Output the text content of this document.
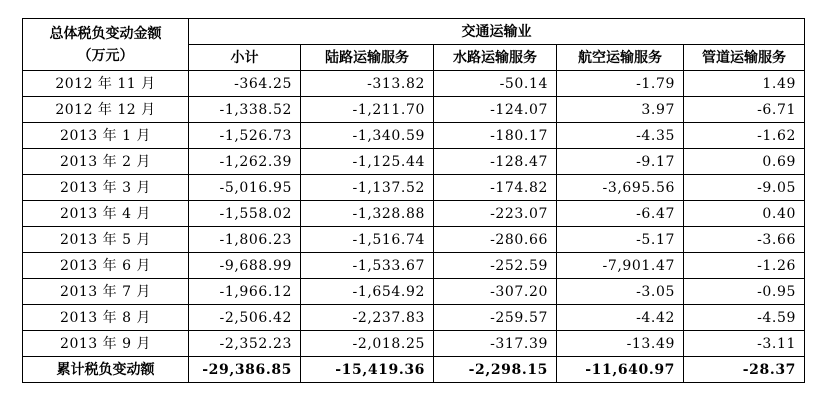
总体税负变动金额
（万元）	交通运输业				
	小计	陆路运输服务	水路运输服务	航空运输服务	管道运输服务
2012 年 11 月	-364.25	-313.82	-50.14	-1.79	1.49
2012 年 12 月	-1,338.52	-1,211.70	-124.07	3.97	-6.71
2013 年 1 月	-1,526.73	-1,340.59	-180.17	-4.35	-1.62
2013 年 2 月	-1,262.39	-1,125.44	-128.47	-9.17	0.69
2013 年 3 月	-5,016.95	-1,137.52	-174.82	-3,695.56	-9.05
2013 年 4 月	-1,558.02	-1,328.88	-223.07	-6.47	0.40
2013 年 5 月	-1,806.23	-1,516.74	-280.66	-5.17	-3.66
2013 年 6 月	-9,688.99	-1,533.67	-252.59	-7,901.47	-1.26
2013 年 7 月	-1,966.12	-1,654.92	-307.20	-3.05	-0.95
2013 年 8 月	-2,506.42	-2,237.83	-259.57	-4.42	-4.59
2013 年 9 月	-2,352.23	-2,018.25	-317.39	-13.49	-3.11
累计税负变动额	-29,386.85	-15,419.36	-2,298.15	-11,640.97	-28.37
